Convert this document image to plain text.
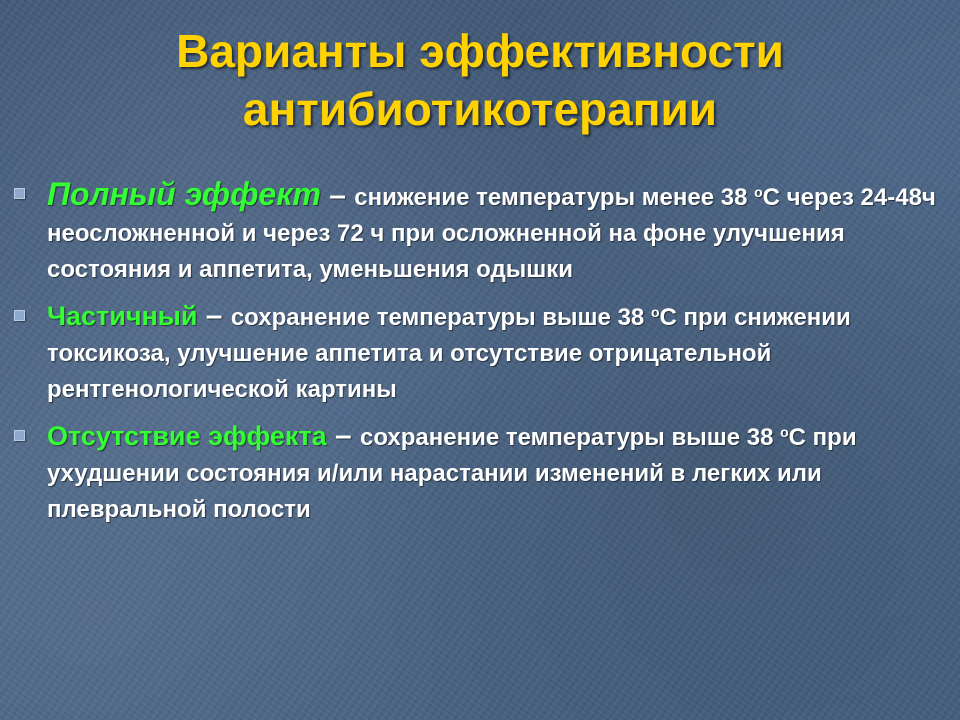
Варианты эффективности
антибиотикотерапии
Полный эффект – снижение температуры менее 38 $^о$С через 24-48ч неосложненной и через 72 ч при осложненной на фоне улучшения состояния и аппетита, уменьшения одышки
Частичный – сохранение температуры выше 38 $^о$С при снижении токсикоза, улучшение аппетита и отсутствие отрицательной рентгенологической картины
Отсутствие эффекта – сохранение температуры выше 38 $^о$С при ухудшении состояния и/или нарастании изменений в легких или плевральной полости
